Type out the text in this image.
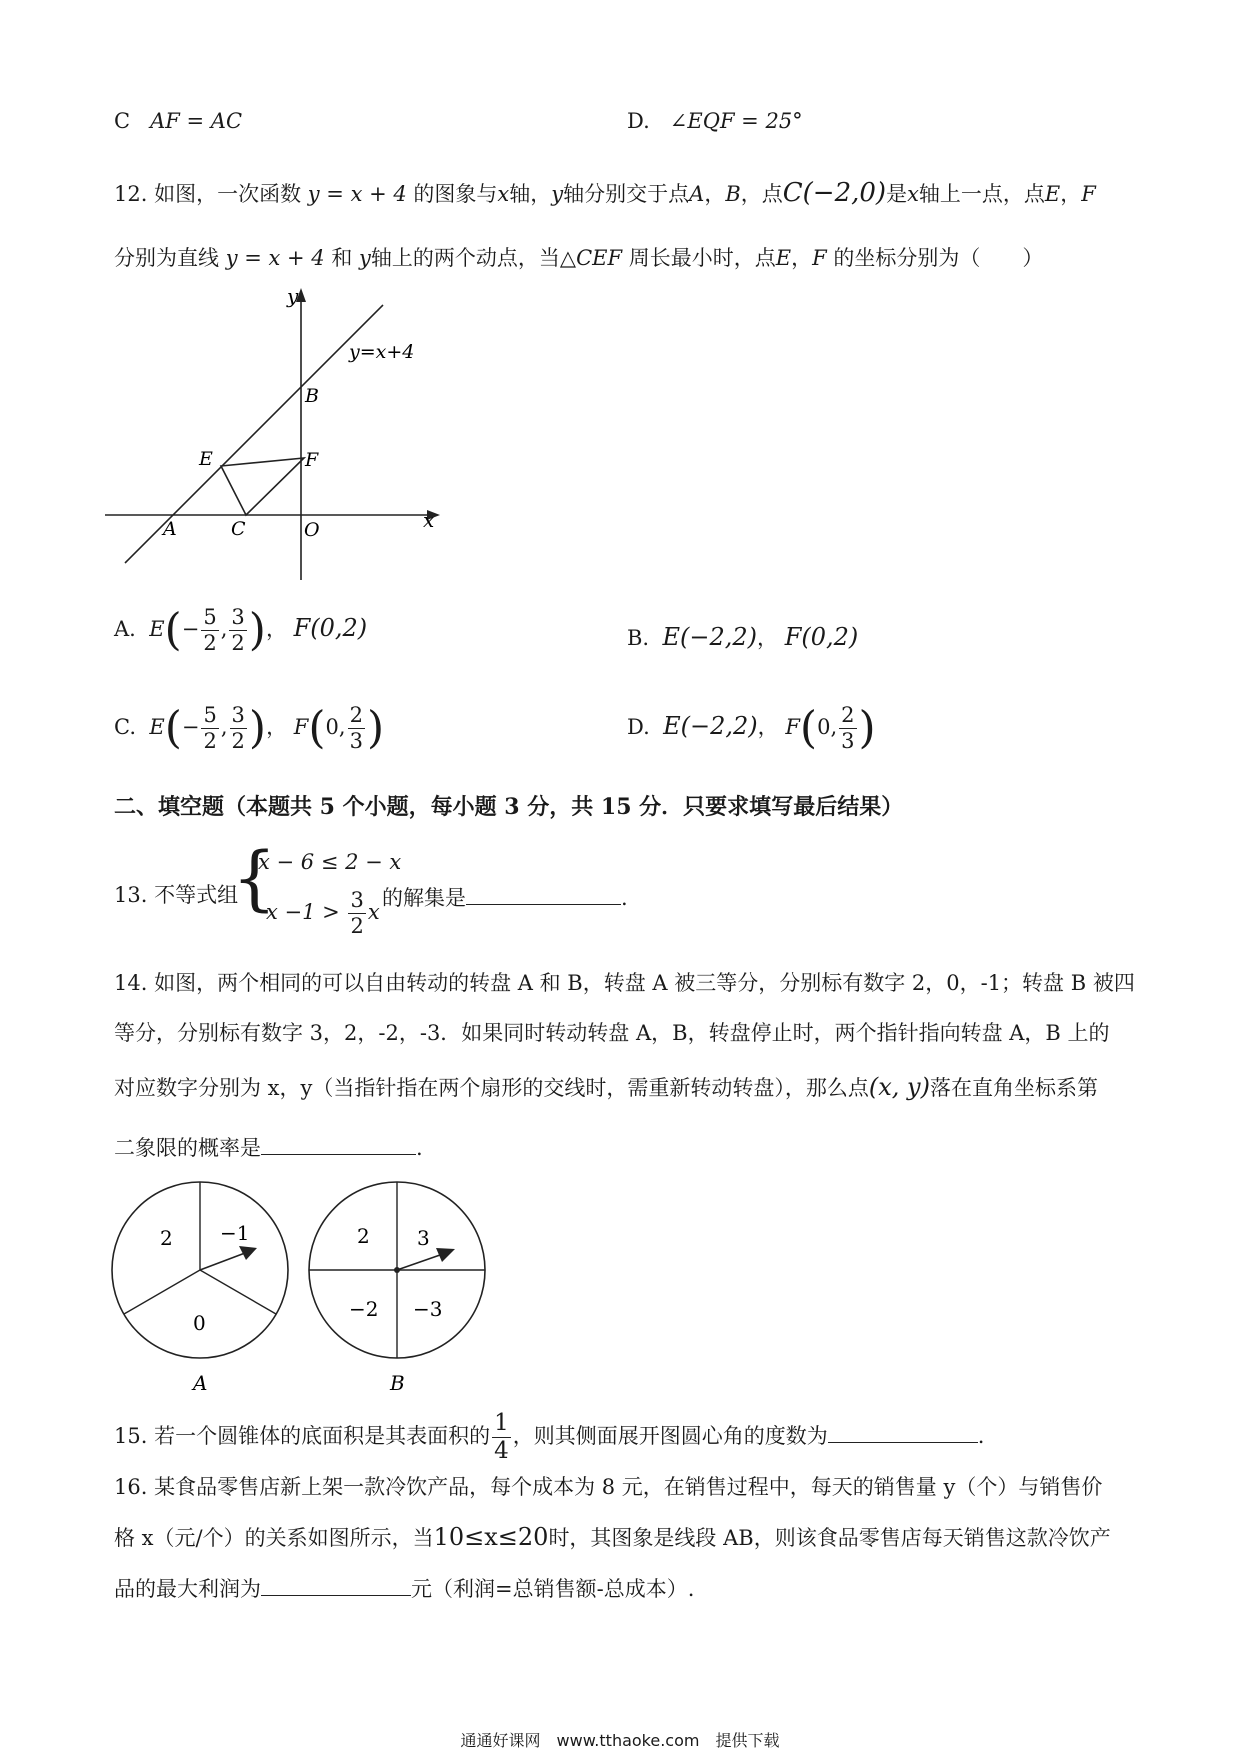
C AF = AC	D. ∠EQF = 25°
12. 如图，一次函数 y = x + 4 的图象与x轴，y轴分别交于点A，B，点C(−2,0)是x轴上一点，点E，F
分别为直线 y = x + 4 和 y轴上的两个动点，当△CEF 周长最小时，点E，F 的坐标分别为（　　）
y
x
y=x+4
B
E	F
A	C	O
A. $E(- \frac{5}{2}$ , $\frac{3}{2}$ )， F(0,2)	B. E(−2,2)， F(0,2)
C. $E(- \frac{5}{2}$ , $\frac{3}{2}$ )， F(0, $\frac{2}{3}$ )	D. E(−2,2)， F(0, $\frac{2}{3}$ )
二、填空题（本题共 5 个小题，每小题 3 分，共 15 分．只要求填写最后结果）
13. 不等式组
{
x − 6 ≤ 2 − x
$x -1 > \frac{3}{2}$ x
的解集是	.
14. 如图，两个相同的可以自由转动的转盘 A 和 B，转盘 A 被三等分，分别标有数字 2，0，-1；转盘 B 被四
等分，分别标有数字 3，2，-2，-3．如果同时转动转盘 A，B，转盘停止时，两个指针指向转盘 A，B 上的
对应数字分别为 x，y（当指针指在两个扇形的交线时，需重新转动转盘），那么点(x, y)落在直角坐标系第
二象限的概率是	.
2 −1
0
A
2 3
−2 −3
B
15. 若一个圆锥体的底面积是其表面积的 $\frac{1}{4}$ ，则其侧面展开图圆心角的度数为	.
16. 某食品零售店新上架一款冷饮产品，每个成本为 8 元，在销售过程中，每天的销售量 y（个）与销售价
格 x（元/个）的关系如图所示，当10≤x≤20时，其图象是线段 AB，则该食品零售店每天销售这款冷饮产
品的最大利润为	元（利润=总销售额-总成本）.
通通好课网　www.tthaoke.com　提供下载
